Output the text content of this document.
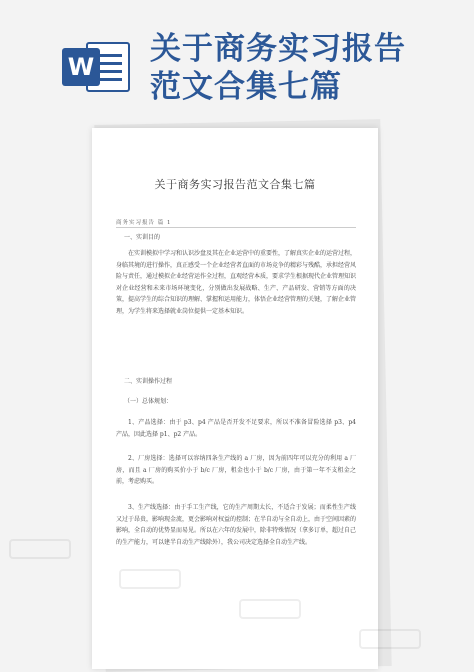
W 关于商务实习报告
范文合集七篇
关于商务实习报告范文合集七篇
商务实习报告 篇 1
一、实训目的
在实训模拟中学习和认识沙盘及其在企业运营中的重要性，了解真实企业的运营过程，身临其境的进行操作，真正感受一个企业经营者直面的市场竞争的精彩与残酷，承担经营风险与责任，通过模拟企业经营运作全过程，直观经营本质，要求学生根据现代企业管理知识对企业经营和未来市场环境变化，分别做出发展战略、生产、产品研发、营销等方面的决策，提高学生的综合知识的理解、掌握和运用能力，体悟企业经营管理的关键，了解企业管理，为学生将来选择就业岗位提供一定基本知识。
二、实训操作过程
（一）总体规划：
1、产品选择：由于 p3、p4 产品是否开发不足要求，所以不准备冒险选择 p3、p4 产品，因此选择 p1、p2 产品。
2、厂房选择：选择可以容纳四条生产线的 a 厂房，因为前四年可以充分的利用 a 厂房，而且 a 厂房的购买价小于 b/c 厂房，租金也小于 b/c 厂房，由于第一年不支租金之前，考虑购买。
3、生产线选择：由于手工生产线，它的生产周期太长，不适合于发展；而柔性生产线又过于昂贵，影响现金流，更会影响对权益的控制；在半自动与全自动上，由于空间因素的影响，全自动的优势显而易见。所以在六年的发展中，除非特殊情况（拿多订单，超过自己的生产能力，可以建半自动生产线除外），我公司决定选择全自动生产线。
